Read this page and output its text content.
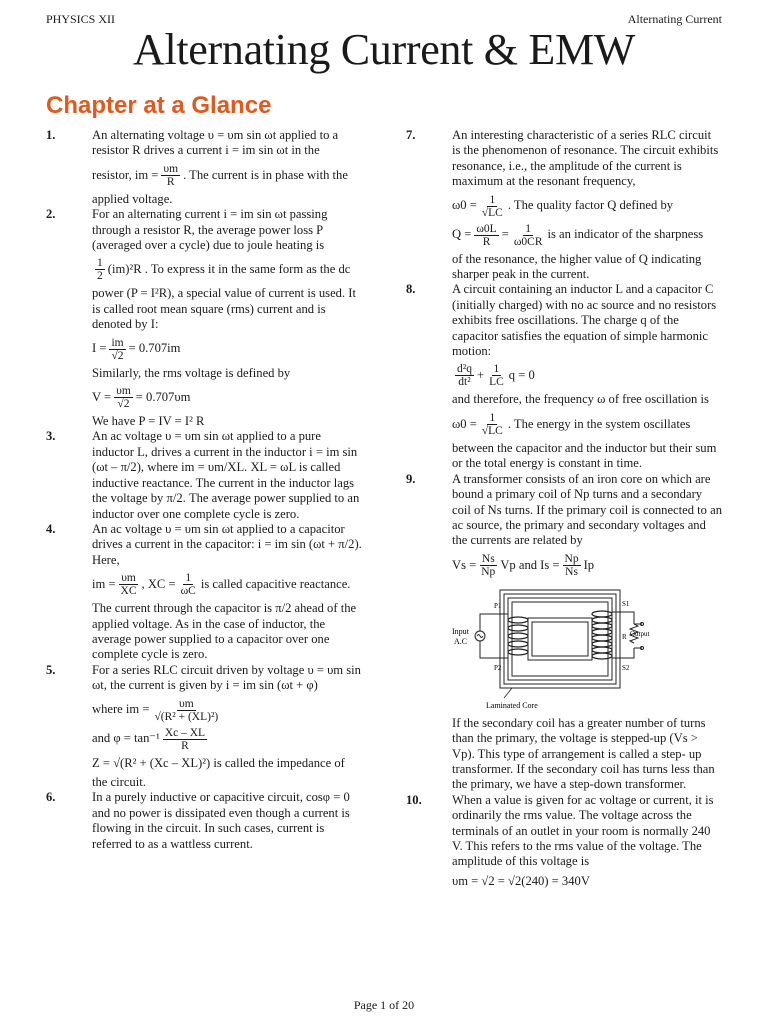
PHYSICS XII	Alternating Current
Alternating Current & EMW
Chapter at a Glance
1.	An alternating voltage υ = υm sin ωt applied to a resistor R drives a current i = im sin ωt in the

resistor, im = $\frac{\upsilon m}{R}$ . The current is in phase with the

applied voltage.

2.	For an alternating current i = im sin ωt passing through a resistor R, the average power loss P (averaged over a cycle) due to joule heating is

$\frac{1}{2} (im)^2R$ . To express it in the same form as the dc

power (P = I²R), a special value of current is used. It is called root mean square (rms) current and is denoted by I:

$I = \frac{im}{√2} = 0.707im$

Similarly, the rms voltage is defined by

$V = \frac{\upsilon m}{√2} = 0.707\upsilon m$

We have P = IV = I² R

3.	An ac voltage υ = υm sin ωt applied to a pure inductor L, drives a current in the inductor i = im sin (ωt – π/2), where im = υm/XL. XL = ωL is called inductive reactance. The current in the inductor lags the voltage by π/2. The average power supplied to an inductor over one complete cycle is zero.

4.	An ac voltage υ = υm sin ωt applied to a capacitor drives a current in the capacitor: i = im sin (ωt + π/2). Here,

im = $\frac{\upsilon m}{XC}$ , XC = $\frac{1}{\omega C}$ is called capacitive reactance.

The current through the capacitor is π/2 ahead of the applied voltage. As in the case of inductor, the average power supplied to a capacitor over one complete cycle is zero.

5.	For a series RLC circuit driven by voltage υ = υm sin ωt, the current is given by i = im sin (ωt + φ)

where im = $\frac{\upsilon m}{\text{√(R² + (XL)²)}}$
and $\varphi = \tan^{-1} \frac{Xc - XL}{R}$
Z = √(R² + (Xc – XL)²)
is called the impedance of

the circuit.

6.	In a purely inductive or capacitive circuit, cosφ = 0 and no power is dissipated even though a current is flowing in the circuit. In such cases, current is referred to as a wattless current.

7.	An interesting characteristic of a series RLC circuit is the phenomenon of resonance. The circuit exhibits resonance, i.e., the amplitude of the current is maximum at the resonant frequency,

$\omega 0 = \frac{1}{√LC}$ . The quality factor Q defined by
$Q = \frac{\omega 0L}{R} = \frac{1}{\omega 0CR}$ is an indicator of the sharpness

of the resonance, the higher value of Q indicating sharper peak in the current.

8.	A circuit containing an inductor L and a capacitor C (initially charged) with no ac source and no resistors exhibits free oscillations. The charge q of the capacitor satisfies the equation of simple harmonic motion:

$\frac{\text{d²q}}{\text{dt²}} + \frac{1}{LC}$ q = 0

and therefore, the frequency ω of free oscillation is

$\omega 0 = \frac{1}{√LC}$ . The energy in the system oscillates

between the capacitor and the inductor but their sum or the total energy is constant in time.

9.	A transformer consists of an iron core on which are bound a primary coil of Np turns and a secondary coil of Ns turns. If the primary coil is connected to an ac source, the primary and secondary voltages and the currents are related by

$Vs = \frac{Ns}{Np}$ Vp and $Is = \frac{Np}{Ns}$ Ip
Input
A.C
P1
P2
S1
S2
R Output
Laminated Core

If the secondary coil has a greater number of turns than the primary, the voltage is stepped-up (Vs > Vp). This type of arrangement is called a step- up transformer. If the secondary coil has turns less than the primary, we have a step-down transformer.

10. When a value is given for ac voltage or current, it is ordinarily the rms value. The voltage across the terminals of an outlet in your room is normally 240 V. This refers to the rms value of the voltage. The amplitude of this voltage is

υm = √2 = √2(240) = 340V
Page 1 of 20
